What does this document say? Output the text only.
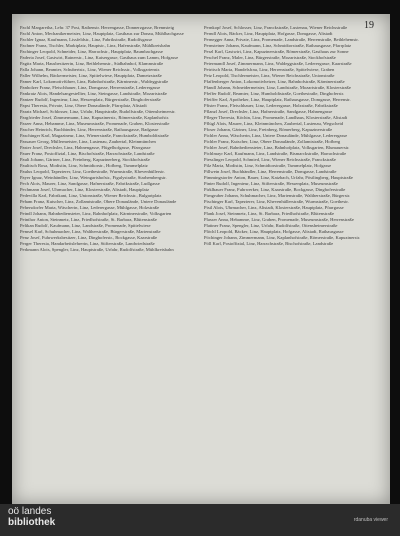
19
Pachl Margaretha, Lehr. 37 Post, Rathenstr. Herrengasse, Donnerzgasse, Brennsteig
Pachl Anton, Mechanikermeister, Linz, Hauptplatz, Gasthaus zur Donau, Mühlbachgasse
Pachler Ignaz, Kaufmann, Lissfeldstr., Linz, Fabrikstraße, Rudolfsgasse
Pachner Franz, Tischler, Marktplatz, Hauptstr., Linz, Hafenstraße, Mühlkreisbahn
Pachinger Leopold, Schneider, Linz, Harrachstr., Hauptplatz, Baumbachgasse
Paderta Josef, Gastwirt, Rainerstr., Linz, Kaisergasse, Gasthaus zum Lamm, Hofgasse
Pagitz Maria, Hausbesitzerin, Linz, Bethlehemstr., Südbahnhof, Klammstraße
Palla Johann, Beamter, Schubertstr., Linz, Wiener Reichsstr., Volksgartenstr.
Paller Wilhelm, Bäckermeister, Linz, Spittelwiese, Hauptplatz, Dametzstraße
Pamer Karl, Lokomotivführer, Linz, Bahnhofstraße, Kärntnerstr., Waldeggstraße
Panholzer Franz, Fleischhauer, Linz, Domgasse, Herrenstraße, Lederergasse
Pankratz Alois, Handelsangestellter, Linz, Steingasse, Landstraße, Mozartstraße
Pantzer Rudolf, Ingenieur, Linz, Hessenplatz, Bürgerstraße, Dinghoferstraße
Papst Theresia, Private, Linz, Obere Donaulände, Pfarrplatz, Altstadt
Paratz Michael, Schlosser, Linz, Urfahr, Hauptstraße, Rudolfstraße, Ottensheimerstr.
Pargfrieder Josef, Zimmermann, Linz, Kapuzinerstr., Römerstraße, Kaplanhofstr.
Parzer Anna, Hebamme, Linz, Museumstraße, Promenade, Graben, Klosterstraße
Pascher Heinrich, Buchbinder, Linz, Herrenstraße, Rathausgasse, Badgasse
Paschinger Karl, Magazineur, Linz, Wienerstraße, Franckstraße, Humboldtstraße
Passauer Georg, Müllermeister, Linz, Lustenau, Zaubertal, Kleinmünchen
Paster Josef, Drechsler, Linz, Hahnengasse, Flügelhofgasse, Pfarrgasse
Pauer Franz, Postoffizial, Linz, Bischofstraße, Harrachstraße, Landstraße
Pauli Johann, Gärtner, Linz, Freinberg, Kapuzinerberg, Stockhofstraße
Paulitsch Rosa, Modistin, Linz, Schmidtorstr., Hofberg, Tummelplatz
Paulus Leopold, Tapezierer, Linz, Goethestraße, Wurmstraße, Khevenhüllerstr.
Payer Ignaz, Weinhändler, Linz, Weingartshofstr., Figulystraße, Starhembergstr.
Pech Alois, Maurer, Linz, Sandgasse, Hafnerstraße, Fabrikstraße, Ludlgasse
Pechmann Josef, Uhrmacher, Linz, Klosterstraße, Altstadt, Hauptplatz
Pedevilla Karl, Fabrikant, Linz, Unionstraße, Wiener Reichsstr., Bulgariplatz
Peham Franz, Kutscher, Linz, Zollamtstraße, Obere Donaulände, Untere Donaulände
Pehersdorfer Maria, Wäscherin, Linz, Lederergasse, Mühlgasse, Holzstraße
Peindl Johann, Bahnbediensteter, Linz, Bahnhofplatz, Kärntnerstraße, Volksgarten
Peinthor Anton, Steinmetz, Linz, Friedhofstraße, St. Barbara, Blütenstraße
Pelikan Rudolf, Kaufmann, Linz, Landstraße, Promenade, Spittelwiese
Pemsel Karl, Schuhmacher, Linz, Waltherstraße, Bürgerstraße, Marienstraße
Penz Josef, Fuhrwerksbesitzer, Linz, Dinghoferstr., Bockgasse, Kaarstraße
Perger Theresia, Handarbeitslehrerin, Linz, Stifterstraße, Landwiedstraße
Perkmann Alois, Spengler, Linz, Hauptstraße, Urfahr, Rudolfstraße, Mühlkreisbahn
Pernkopf Josef, Schlosser, Linz, Franckstraße, Lustenau, Wiener Reichsstraße
Perndl Alois, Bäcker, Linz, Hauptplatz, Hofgasse, Domgasse, Altstadt
Pernegger Anna, Private, Linz, Promenade, Landstraße, Herrenstraße, Bethlehemstr.
Pernsteiner Johann, Kaufmann, Linz, Schmidtorstraße, Rathausgasse, Pfarrplatz
Perzl Karl, Gastwirt, Linz, Kapuzinerstraße, Römerstraße, Gasthaus zur Sonne
Peschel Franz, Maler, Linz, Bürgerstraße, Mozartstraße, Stockhofstraße
Petermandl Josef, Zimmermann, Linz, Waldeggstraße, Lederergasse, Kaarstraße
Petritsch Maria, Handelsfrau, Linz, Herrenstraße, Spittelwiese, Graben
Petz Leopold, Tischlermeister, Linz, Wiener Reichsstraße, Unionstraße
Pfaffenberger Anton, Lokomotivheizer, Linz, Bahnhofstraße, Kärntnerstraße
Pfandl Johann, Schneidermeister, Linz, Landstraße, Mozartstraße, Klosterstraße
Pfeffer Rudolf, Beamter, Linz, Humboldtstraße, Goethestraße, Dinghoferstr.
Pfeiffer Karl, Apotheker, Linz, Hauptplatz, Rathausgasse, Domgasse, Herrenstr.
Pfister Franz, Fleischhauer, Linz, Lederergasse, Holzstraße, Fabrikstraße
Pflanzl Josef, Drechsler, Linz, Hafnerstraße, Sandgasse, Hahnengasse
Pfleger Theresia, Köchin, Linz, Promenade, Landhaus, Klosterstraße, Altstadt
Pflügl Alois, Maurer, Linz, Kleinmünchen, Zaubertal, Lustenau, Wegscheid
Pfoser Johann, Gärtner, Linz, Freinberg, Römerberg, Kapuzinerstraße
Pichler Anna, Wäscherin, Linz, Untere Donaulände, Mühlgasse, Lederergasse
Pichler Franz, Kutscher, Linz, Obere Donaulände, Zollamtstraße, Hofberg
Pichler Josef, Bahnbediensteter, Linz, Bahnhofplatz, Volksgarten, Blumauerstr.
Pichlmayr Karl, Kaufmann, Linz, Landstraße, Bismarckstraße, Harrachstraße
Piesslinger Leopold, Schmied, Linz, Wiener Reichsstraße, Franckstraße
Pilz Maria, Modistin, Linz, Schmidtorstraße, Tummelplatz, Hofgasse
Pillwein Josef, Buchhändler, Linz, Herrenstraße, Domgasse, Landstraße
Pimmingstorfer Anton, Bauer, Linz, Katzbach, Urfahr, Pöstlingberg, Hauptstraße
Pinter Rudolf, Ingenieur, Linz, Stifterstraße, Hessenplatz, Museumstraße
Pirklbauer Franz, Fuhrwerker, Linz, Kaarstraße, Bockgasse, Dinghoferstraße
Pirngruber Johann, Schuhmacher, Linz, Marienstraße, Waltherstraße, Bürgerstr.
Pischinger Karl, Tapezierer, Linz, Khevenhüllerstraße, Wurmstraße, Goethestr.
Pistl Alois, Uhrmacher, Linz, Altstadt, Klosterstraße, Hauptplatz, Pfarrgasse
Plank Josef, Steinmetz, Linz, St. Barbara, Friedhofstraße, Blütenstraße
Plasser Anna, Hebamme, Linz, Graben, Promenade, Museumstraße, Herrenstraße
Plattner Franz, Spengler, Linz, Urfahr, Rudolfstraße, Ottensheimerstraße
Plöchl Leopold, Bäcker, Linz, Hauptplatz, Hofgasse, Altstadt, Rathausgasse
Pöchinger Johann, Zimmermann, Linz, Kaplanhofstraße, Römerstraße, Kapuzinerstr.
Pöll Karl, Postoffizial, Linz, Harrachstraße, Bischofstraße, Landstraße
oö landes
bibliothek	rdanuba viewer
